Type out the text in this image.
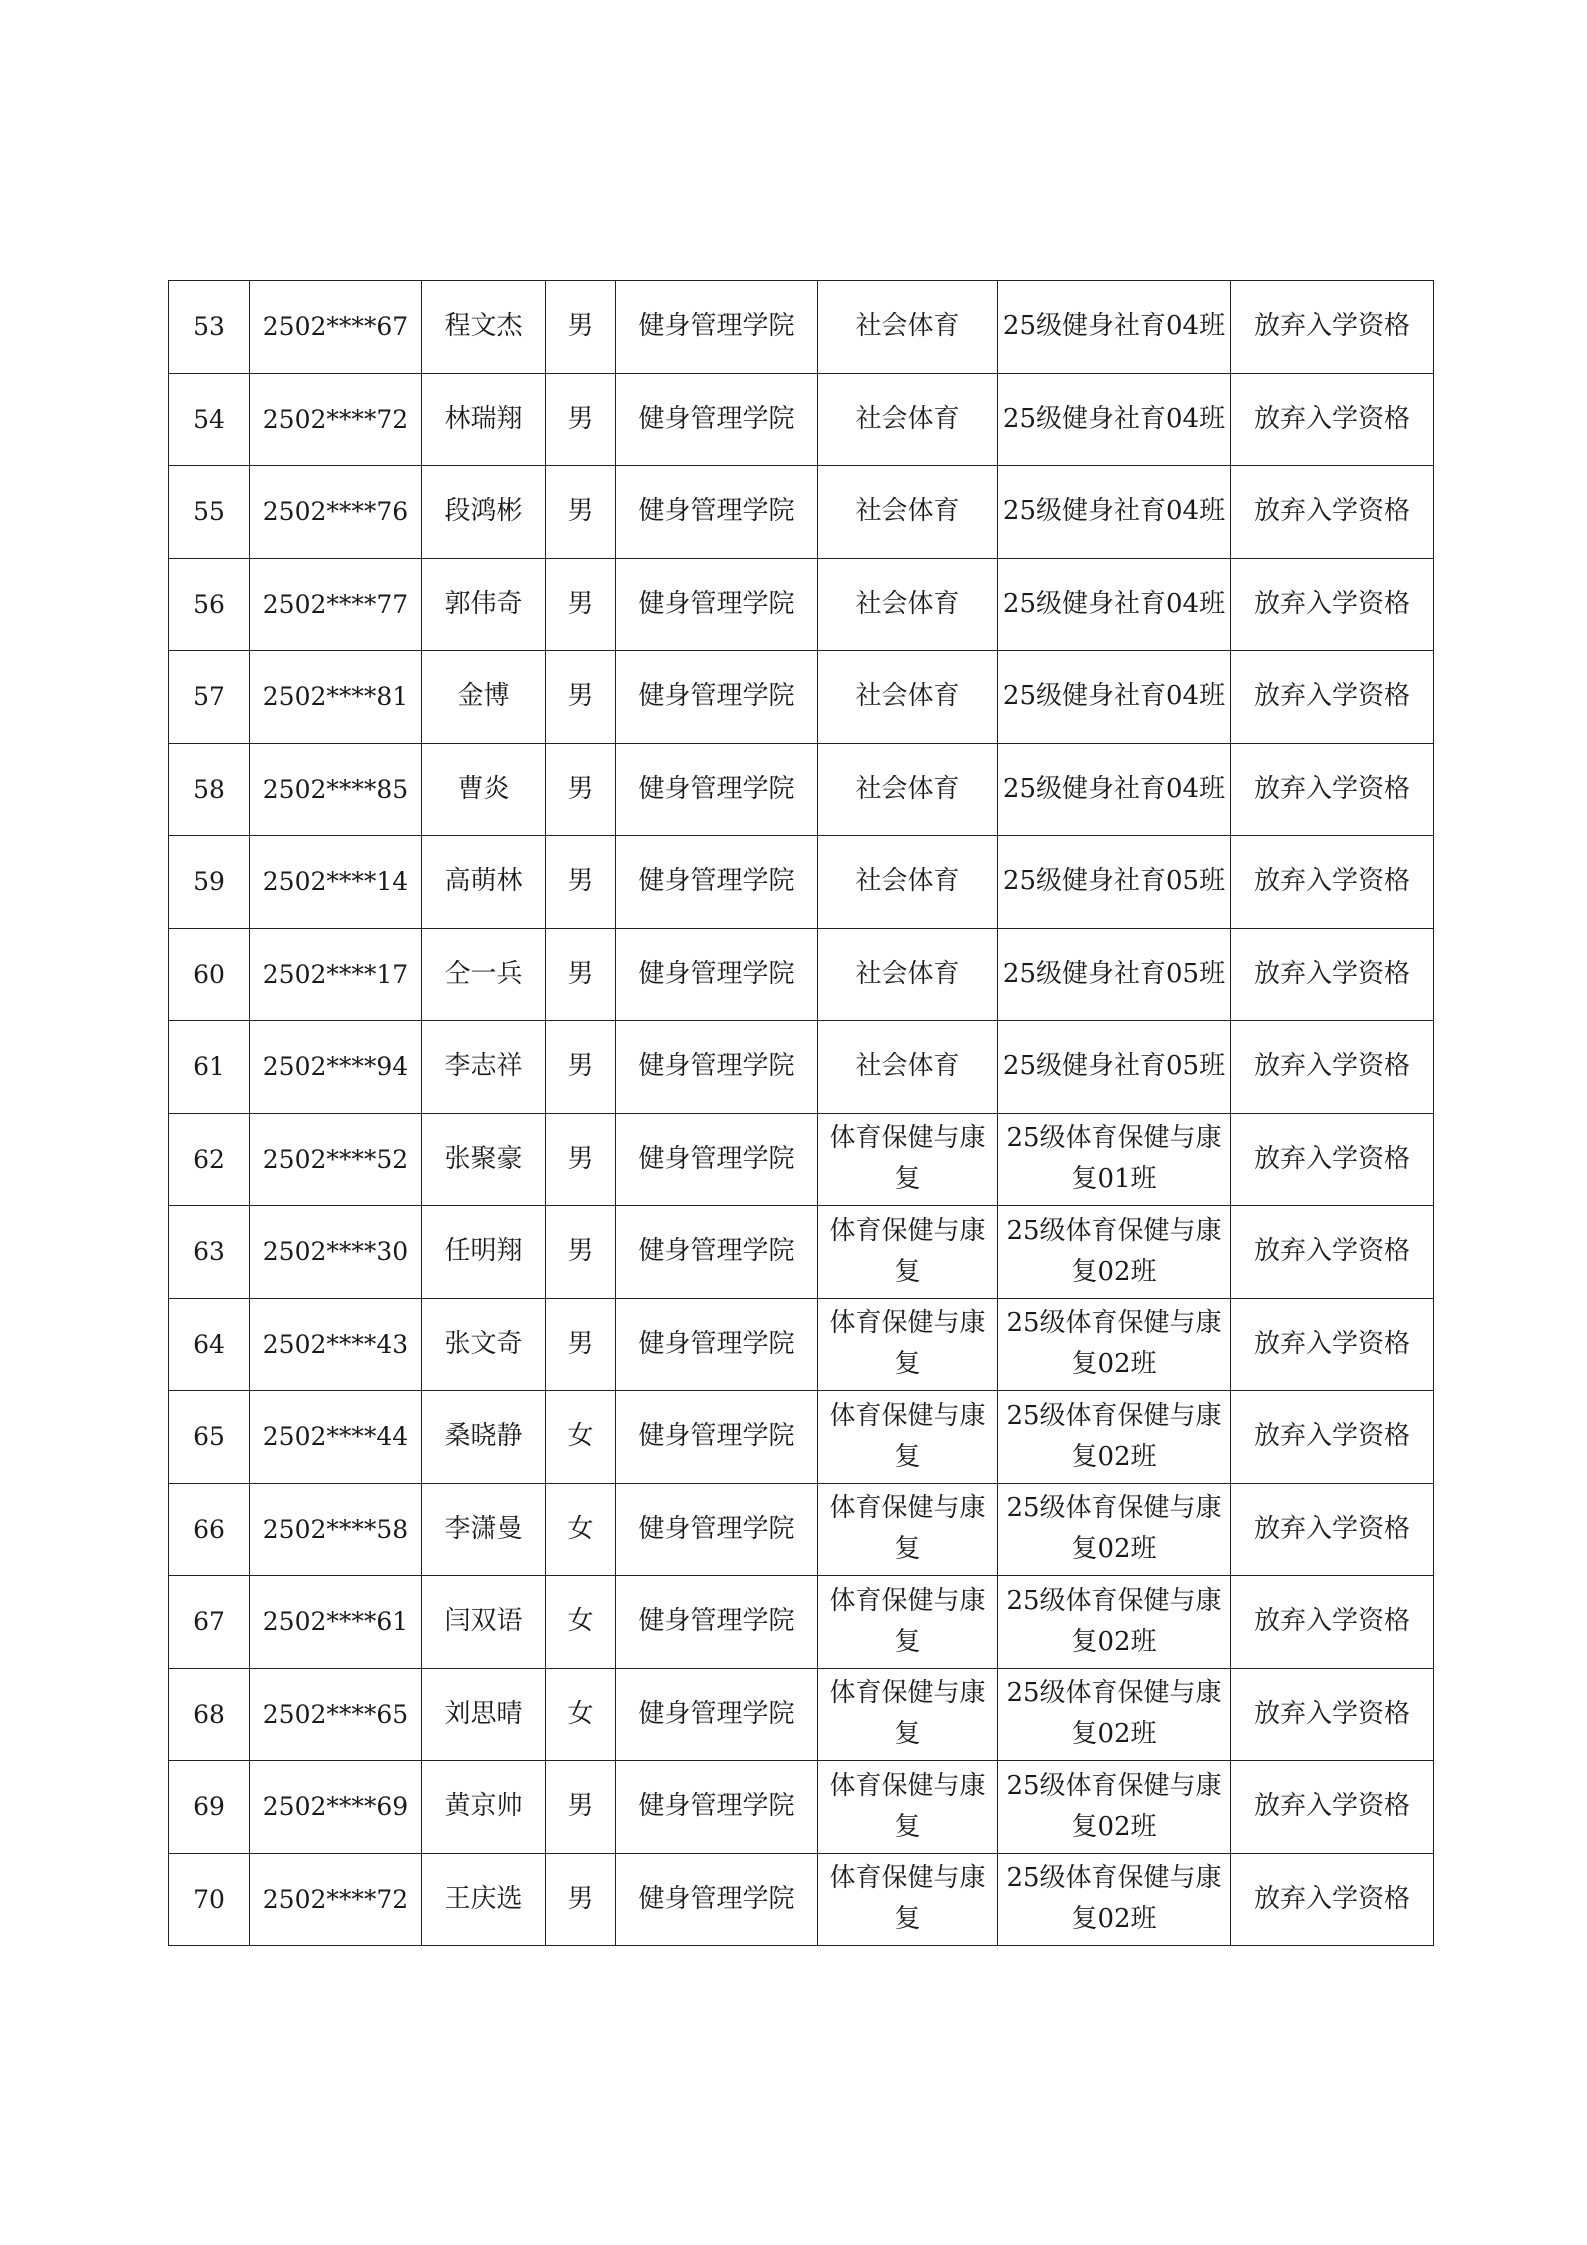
53	2502****67	程文杰	男	健身管理学院	社会体育	25级健身社育04班	放弃入学资格
54	2502****72	林瑞翔	男	健身管理学院	社会体育	25级健身社育04班	放弃入学资格
55	2502****76	段鸿彬	男	健身管理学院	社会体育	25级健身社育04班	放弃入学资格
56	2502****77	郭伟奇	男	健身管理学院	社会体育	25级健身社育04班	放弃入学资格
57	2502****81	金博	男	健身管理学院	社会体育	25级健身社育04班	放弃入学资格
58	2502****85	曹炎	男	健身管理学院	社会体育	25级健身社育04班	放弃入学资格
59	2502****14	高萌林	男	健身管理学院	社会体育	25级健身社育05班	放弃入学资格
60	2502****17	仝一兵	男	健身管理学院	社会体育	25级健身社育05班	放弃入学资格
61	2502****94	李志祥	男	健身管理学院	社会体育	25级健身社育05班	放弃入学资格
62	2502****52	张聚豪	男	健身管理学院	体育保健与康复	25级体育保健与康复01班	放弃入学资格
63	2502****30	任明翔	男	健身管理学院	体育保健与康复	25级体育保健与康复02班	放弃入学资格
64	2502****43	张文奇	男	健身管理学院	体育保健与康复	25级体育保健与康复02班	放弃入学资格
65	2502****44	桑晓静	女	健身管理学院	体育保健与康复	25级体育保健与康复02班	放弃入学资格
66	2502****58	李潇曼	女	健身管理学院	体育保健与康复	25级体育保健与康复02班	放弃入学资格
67	2502****61	闫双语	女	健身管理学院	体育保健与康复	25级体育保健与康复02班	放弃入学资格
68	2502****65	刘思晴	女	健身管理学院	体育保健与康复	25级体育保健与康复02班	放弃入学资格
69	2502****69	黄京帅	男	健身管理学院	体育保健与康复	25级体育保健与康复02班	放弃入学资格
70	2502****72	王庆选	男	健身管理学院	体育保健与康复	25级体育保健与康复02班	放弃入学资格
